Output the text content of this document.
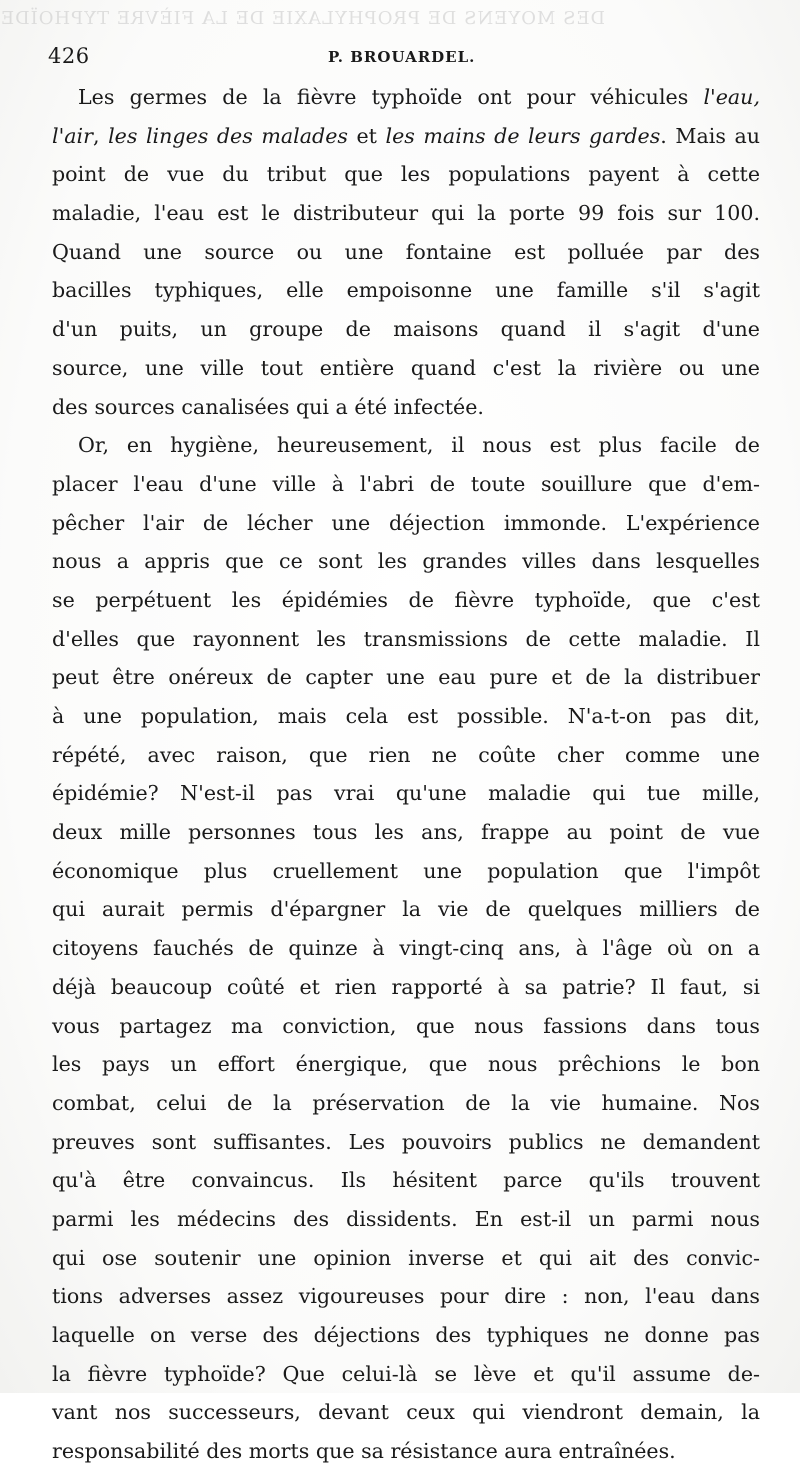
DES MOYENS DE PROPHYLAXIE DE LA FIÈVRE TYPHOÏDE
426	P. BROUARDEL.
Les germes de la fièvre typhoïde ont pour véhicules l'eau,
l'air, les linges des malades et les mains de leurs gardes. Mais au
point de vue du tribut que les populations payent à cette
maladie, l'eau est le distributeur qui la porte 99 fois sur 100.
Quand une source ou une fontaine est polluée par des
bacilles typhiques, elle empoisonne une famille s'il s'agit
d'un puits, un groupe de maisons quand il s'agit d'une
source, une ville tout entière quand c'est la rivière ou une
des sources canalisées qui a été infectée.
Or, en hygiène, heureusement, il nous est plus facile de
placer l'eau d'une ville à l'abri de toute souillure que d'em-
pêcher l'air de lécher une déjection immonde. L'expérience
nous a appris que ce sont les grandes villes dans lesquelles
se perpétuent les épidémies de fièvre typhoïde, que c'est
d'elles que rayonnent les transmissions de cette maladie. Il
peut être onéreux de capter une eau pure et de la distribuer
à une population, mais cela est possible. N'a-t-on pas dit,
répété, avec raison, que rien ne coûte cher comme une
épidémie? N'est-il pas vrai qu'une maladie qui tue mille,
deux mille personnes tous les ans, frappe au point de vue
économique plus cruellement une population que l'impôt
qui aurait permis d'épargner la vie de quelques milliers de
citoyens fauchés de quinze à vingt-cinq ans, à l'âge où on a
déjà beaucoup coûté et rien rapporté à sa patrie? Il faut, si
vous partagez ma conviction, que nous fassions dans tous
les pays un effort énergique, que nous prêchions le bon
combat, celui de la préservation de la vie humaine. Nos
preuves sont suffisantes. Les pouvoirs publics ne demandent
qu'à être convaincus. Ils hésitent parce qu'ils trouvent
parmi les médecins des dissidents. En est-il un parmi nous
qui ose soutenir une opinion inverse et qui ait des convic-
tions adverses assez vigoureuses pour dire : non, l'eau dans
laquelle on verse des déjections des typhiques ne donne pas
la fièvre typhoïde? Que celui-là se lève et qu'il assume de-
vant nos successeurs, devant ceux qui viendront demain, la
responsabilité des morts que sa résistance aura entraînées.
